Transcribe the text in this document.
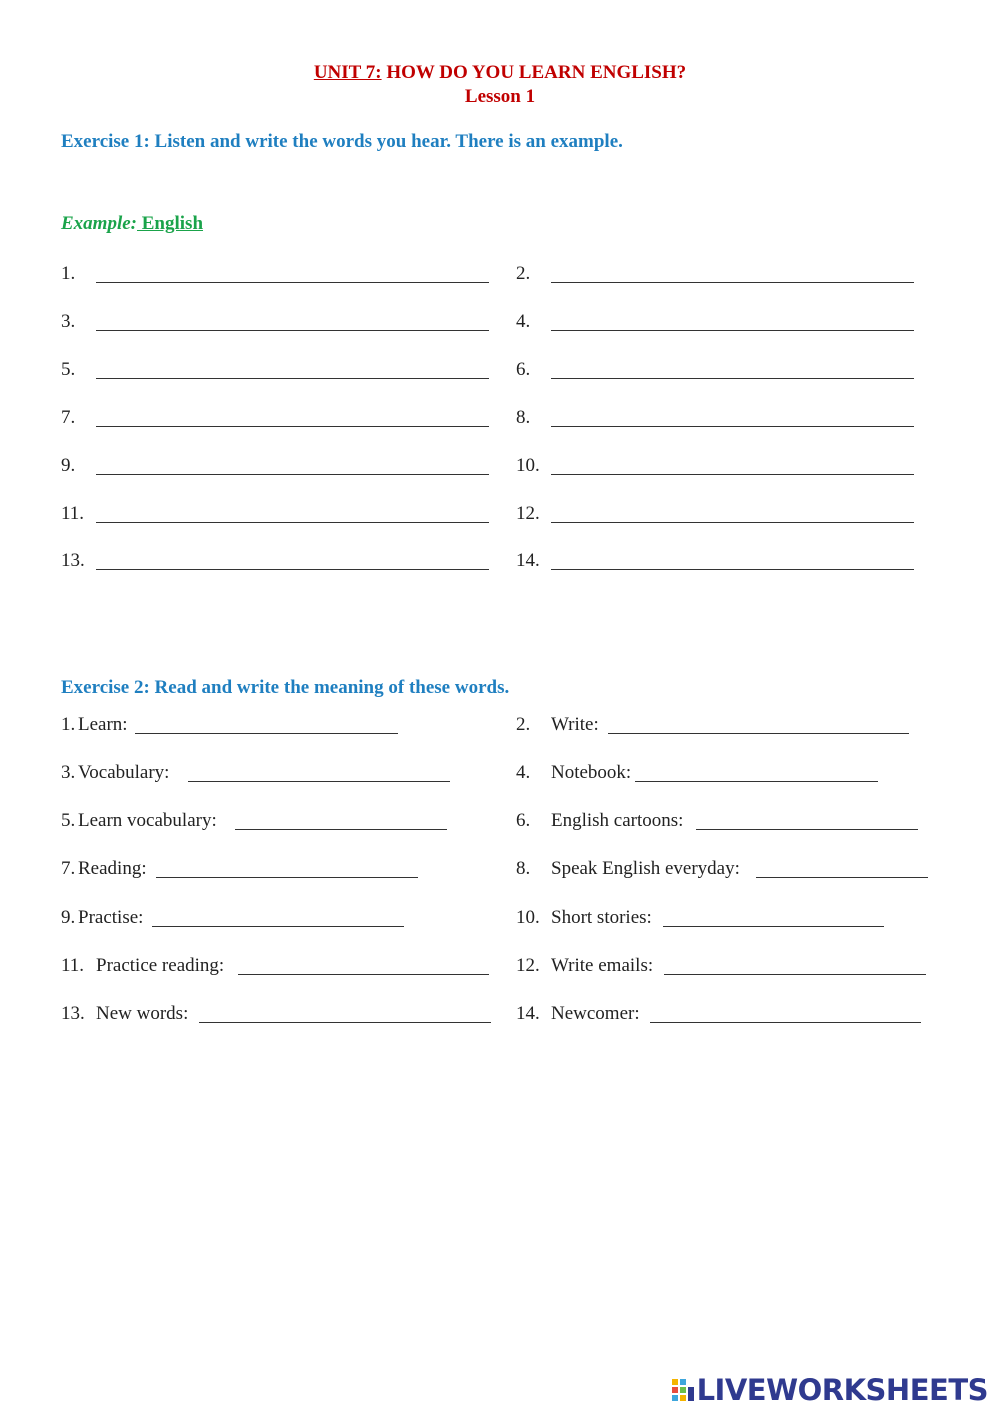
UNIT 7: HOW DO YOU LEARN ENGLISH?
Lesson 1
Exercise 1: Listen and write the words you hear. There is an example.
Example: English
1.	2.
3.	4.
5.	6.
7.	8.
9.	10.
11.	12.
13.	14.
Exercise 2: Read and write the meaning of these words.
1. Learn:	2. Write:
3. Vocabulary:	4. Notebook:
5. Learn vocabulary:	6. English cartoons:
7. Reading:	8. Speak English everyday:
9. Practise:	10. Short stories:
11. Practice reading:	12. Write emails:
13. New words:	14. Newcomer:
LIVEWORKSHEETS
